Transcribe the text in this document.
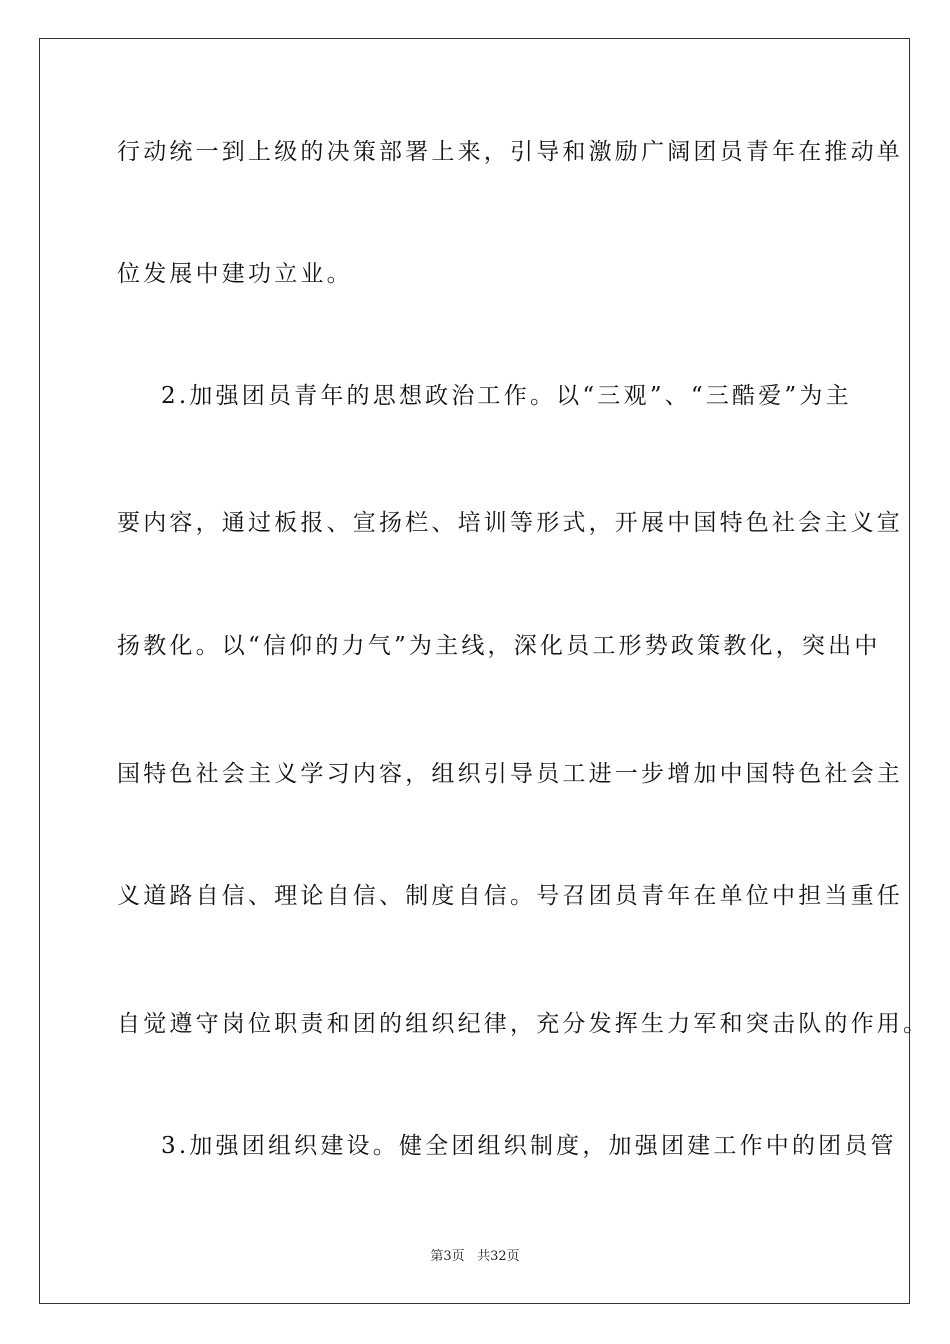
行动统一到上级的决策部署上来，引导和激励广阔团员青年在推动单
位发展中建功立业。
2.加强团员青年的思想政治工作。以“三观”、“三酷爱”为主
要内容，通过板报、宣扬栏、培训等形式，开展中国特色社会主义宣
扬教化。以“信仰的力气”为主线，深化员工形势政策教化，突出中
国特色社会主义学习内容，组织引导员工进一步增加中国特色社会主
义道路自信、理论自信、制度自信。号召团员青年在单位中担当重任
自觉遵守岗位职责和团的组织纪律，充分发挥生力军和突击队的作用。
3.加强团组织建设。健全团组织制度，加强团建工作中的团员管
第3页 共32页
